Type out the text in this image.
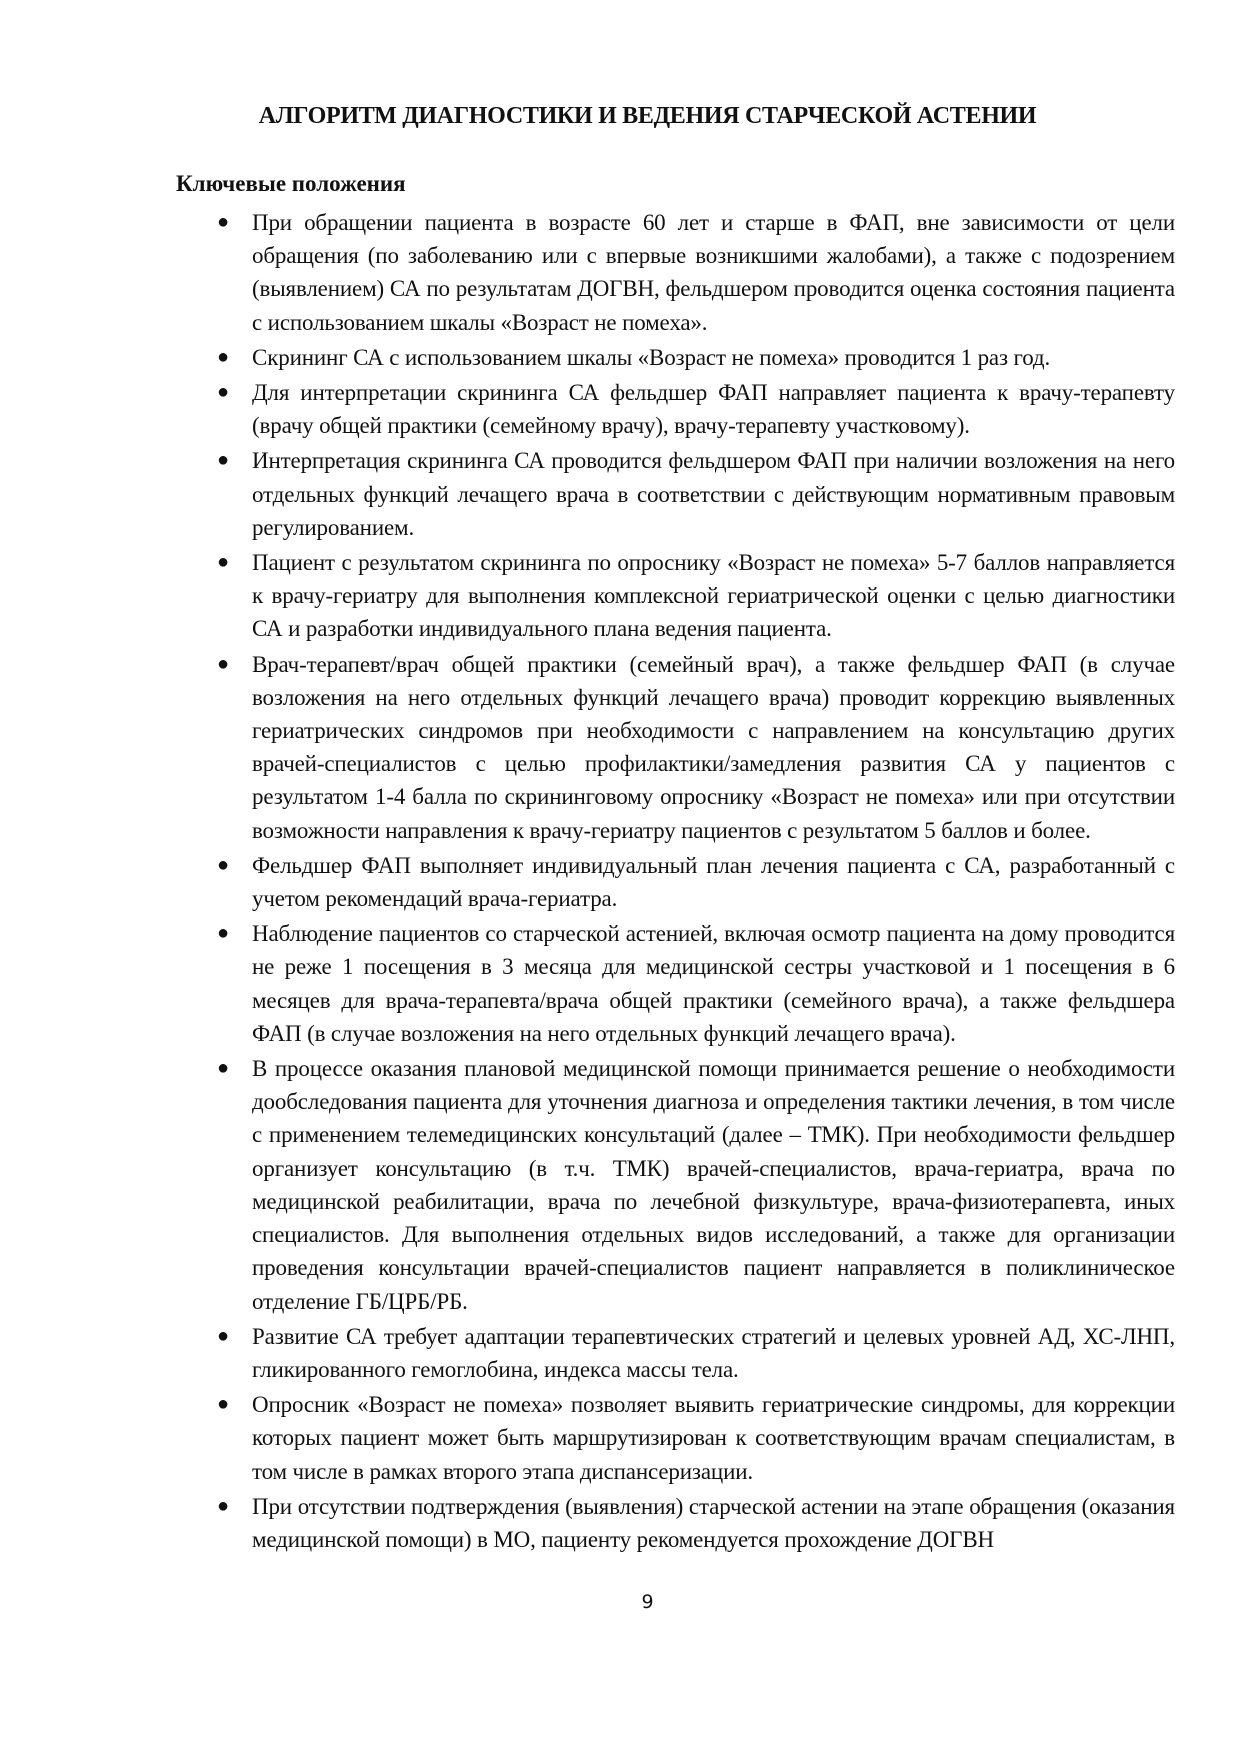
АЛГОРИТМ ДИАГНОСТИКИ И ВЕДЕНИЯ СТАРЧЕСКОЙ АСТЕНИИ
Ключевые положения
● При обращении пациента в возрасте 60 лет и старше в ФАП, вне зависимости от цели обращения (по заболеванию или с впервые возникшими жалобами), а также с подозрением (выявлением) СА по результатам ДОГВН, фельдшером проводится оценка состояния пациента с использованием шкалы «Возраст не помеха».
● Скрининг СА с использованием шкалы «Возраст не помеха» проводится 1 раз год.
● Для интерпретации скрининга СА фельдшер ФАП направляет пациента к врачу-терапевту (врачу общей практики (семейному врачу), врачу-терапевту участковому).
● Интерпретация скрининга СА проводится фельдшером ФАП при наличии возложения на него отдельных функций лечащего врача в соответствии с действующим нормативным правовым регулированием.
● Пациент с результатом скрининга по опроснику «Возраст не помеха» 5-7 баллов направляется к врачу-гериатру для выполнения комплексной гериатрической оценки с целью диагностики СА и разработки индивидуального плана ведения пациента.
● Врач-терапевт/врач общей практики (семейный врач), а также фельдшер ФАП (в случае возложения на него отдельных функций лечащего врача) проводит коррекцию выявленных гериатрических синдромов при необходимости с направлением на консультацию других врачей-специалистов с целью профилактики/замедления развития СА у пациентов с результатом 1-4 балла по скрининговому опроснику «Возраст не помеха» или при отсутствии возможности направления к врачу-гериатру пациентов с результатом 5 баллов и более.
● Фельдшер ФАП выполняет индивидуальный план лечения пациента с СА, разработанный с учетом рекомендаций врача-гериатра.
● Наблюдение пациентов со старческой астенией, включая осмотр пациента на дому проводится не реже 1 посещения в 3 месяца для медицинской сестры участковой и 1 посещения в 6 месяцев для врача-терапевта/врача общей практики (семейного врача), а также фельдшера ФАП (в случае возложения на него отдельных функций лечащего врача).
● В процессе оказания плановой медицинской помощи принимается решение о необходимости дообследования пациента для уточнения диагноза и определения тактики лечения, в том числе с применением телемедицинских консультаций (далее – ТМК). При необходимости фельдшер организует консультацию (в т.ч. ТМК) врачей-специалистов, врача-гериатра, врача по медицинской реабилитации, врача по лечебной физкультуре, врача-физиотерапевта, иных специалистов. Для выполнения отдельных видов исследований, а также для организации проведения консультации врачей-специалистов пациент направляется в поликлиническое отделение ГБ/ЦРБ/РБ.
● Развитие СА требует адаптации терапевтических стратегий и целевых уровней АД, ХС-ЛНП, гликированного гемоглобина, индекса массы тела.
● Опросник «Возраст не помеха» позволяет выявить гериатрические синдромы, для коррекции которых пациент может быть маршрутизирован к соответствующим врачам специалистам, в том числе в рамках второго этапа диспансеризации.
● При отсутствии подтверждения (выявления) старческой астении на этапе обращения (оказания медицинской помощи) в МО, пациенту рекомендуется прохождение ДОГВН
9
